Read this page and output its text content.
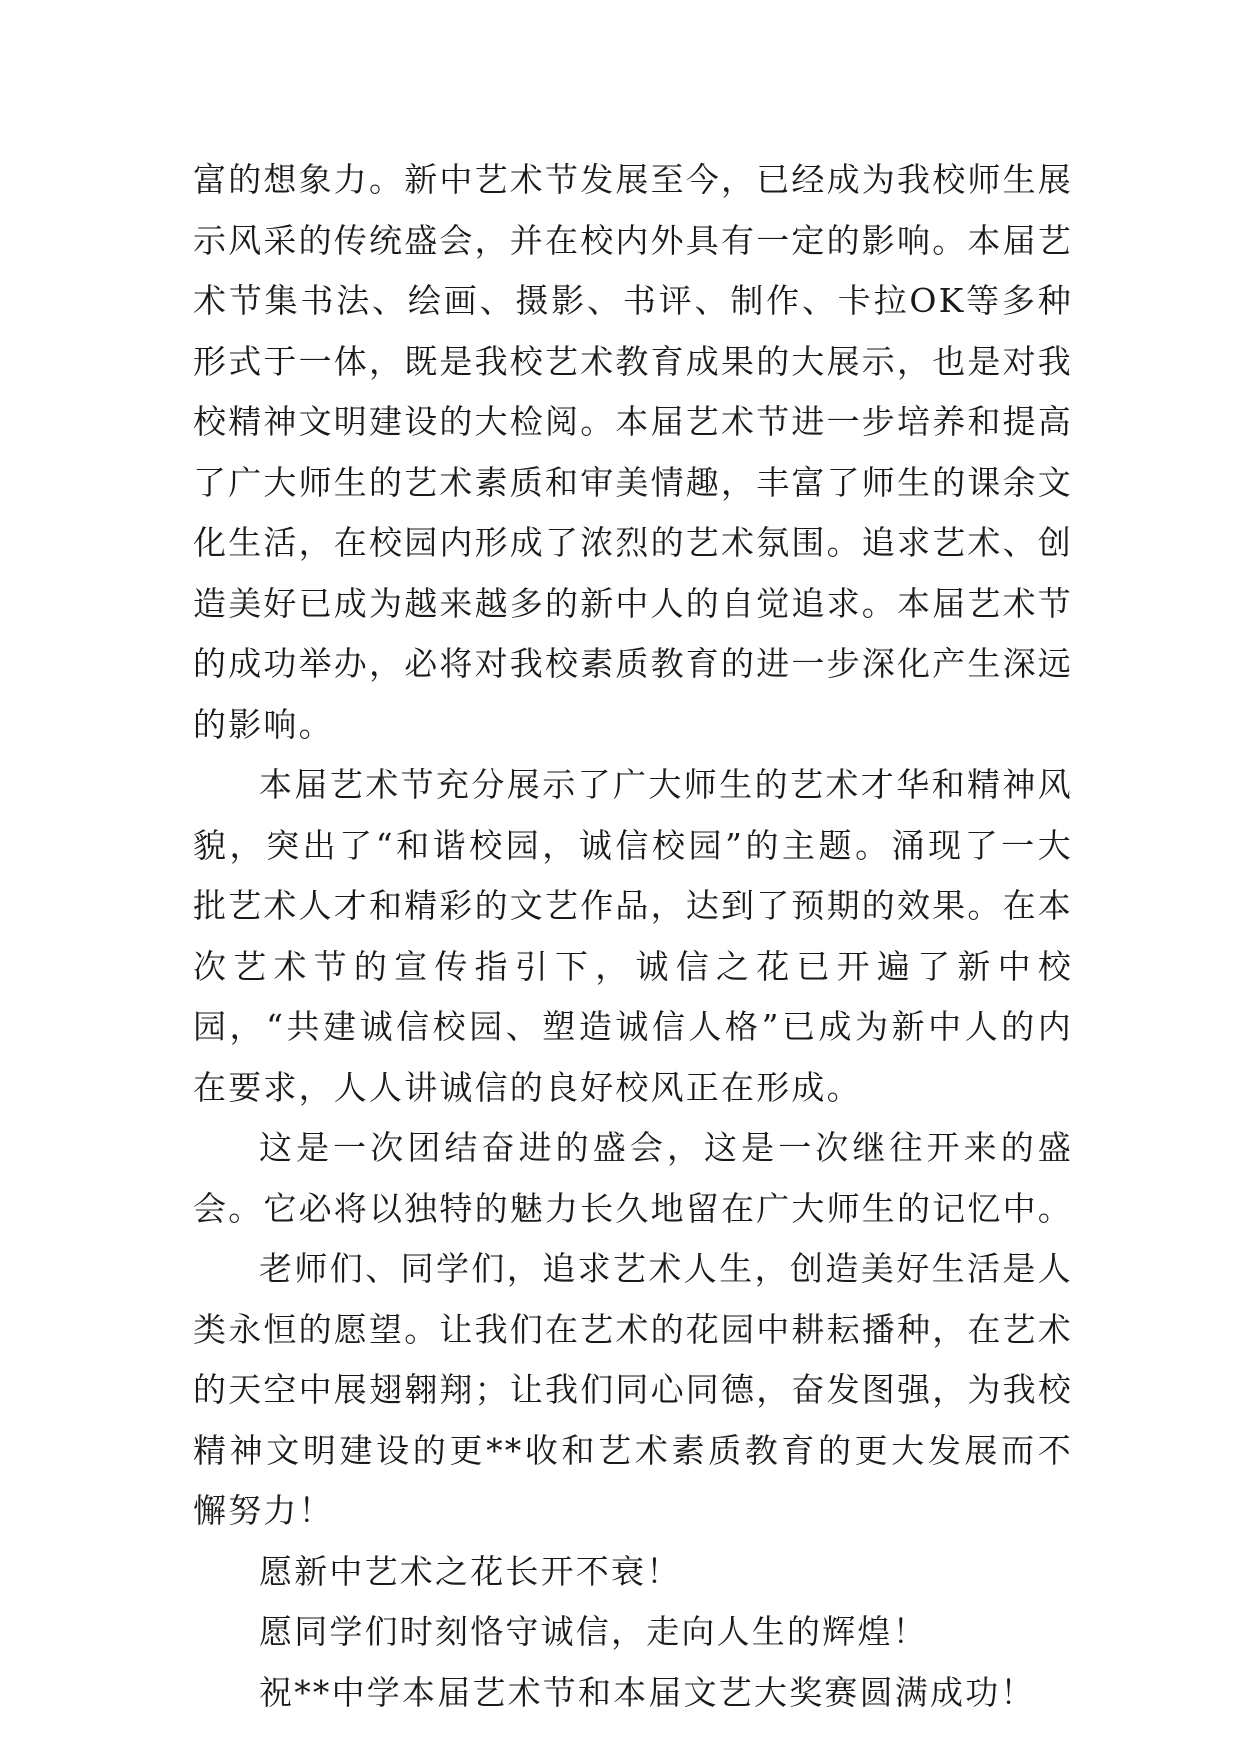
富的想象力。新中艺术节发展至今，已经成为我校师生展示风采的传统盛会，并在校内外具有一定的影响。本届艺术节集书法、绘画、摄影、书评、制作、卡拉OK等多种形式于一体，既是我校艺术教育成果的大展示，也是对我校精神文明建设的大检阅。本届艺术节进一步培养和提高了广大师生的艺术素质和审美情趣，丰富了师生的课余文化生活，在校园内形成了浓烈的艺术氛围。追求艺术、创造美好已成为越来越多的新中人的自觉追求。本届艺术节的成功举办，必将对我校素质教育的进一步深化产生深远的影响。

本届艺术节充分展示了广大师生的艺术才华和精神风貌，突出了“和谐校园，诚信校园”的主题。涌现了一大批艺术人才和精彩的文艺作品，达到了预期的效果。在本次艺术节的宣传指引下，诚信之花已开遍了新中校园，“共建诚信校园、塑造诚信人格”已成为新中人的内在要求，人人讲诚信的良好校风正在形成。

这是一次团结奋进的盛会，这是一次继往开来的盛会。它必将以独特的魅力长久地留在广大师生的记忆中。

老师们、同学们，追求艺术人生，创造美好生活是人类永恒的愿望。让我们在艺术的花园中耕耘播种，在艺术的天空中展翅翱翔；让我们同心同德，奋发图强，为我校精神文明建设的更**收和艺术素质教育的更大发展而不懈努力！

愿新中艺术之花长开不衰！

愿同学们时刻恪守诚信，走向人生的辉煌！

祝**中学本届艺术节和本届文艺大奖赛圆满成功！
